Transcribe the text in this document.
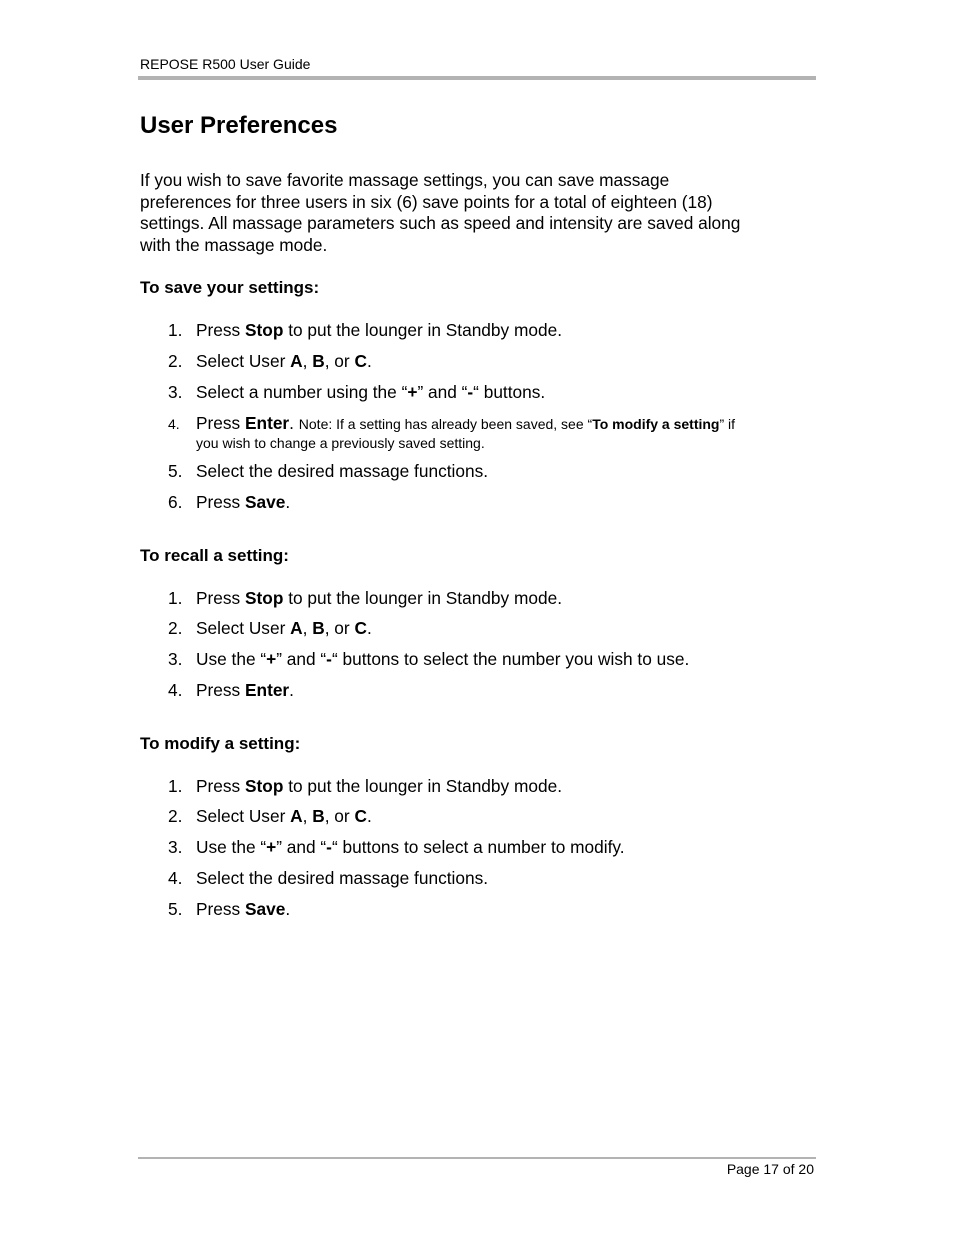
REPOSE R500 User Guide
User Preferences

If you wish to save favorite massage settings, you can save massage
preferences for three users in six (6) save points for a total of eighteen (18)
settings. All massage parameters such as speed and intensity are saved along
with the massage mode.

To save your settings:
1. Press Stop to put the lounger in Standby mode.
2. Select User A, B, or C.
3. Select a number using the “+” and “-“ buttons.
4. Press Enter. Note: If a setting has already been saved, see “To modify a setting” if
you wish to change a previously saved setting.
5. Select the desired massage functions.
6. Press Save.
To recall a setting:
1. Press Stop to put the lounger in Standby mode.
2. Select User A, B, or C.
3. Use the “+” and “-“ buttons to select the number you wish to use.
4. Press Enter.
To modify a setting:
1. Press Stop to put the lounger in Standby mode.
2. Select User A, B, or C.
3. Use the “+” and “-“ buttons to select a number to modify.
4. Select the desired massage functions.
5. Press Save.
Page 17 of 20
